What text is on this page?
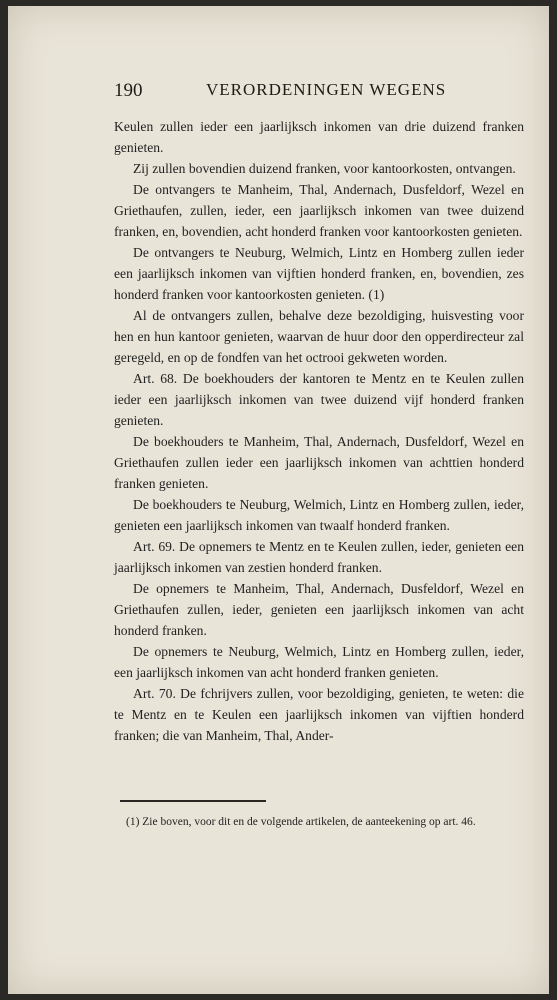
190	VERORDENINGEN WEGENS

Keulen zullen ieder een jaarlijksch inkomen van drie duizend franken genieten.

Zij zullen bovendien duizend franken, voor kantoorkosten, ontvangen.

De ontvangers te Manheim, Thal, Andernach, Dusfeldorf, Wezel en Griethaufen, zullen, ieder, een jaarlijksch inkomen van twee duizend franken, en, bovendien, acht honderd franken voor kantoorkosten genieten.

De ontvangers te Neuburg, Welmich, Lintz en Homberg zullen ieder een jaarlijksch inkomen van vijftien honderd franken, en, bovendien, zes honderd franken voor kantoorkosten genieten. (1)

Al de ontvangers zullen, behalve deze bezoldiging, huisvesting voor hen en hun kantoor genieten, waarvan de huur door den opperdirecteur zal geregeld, en op de fondfen van het octrooi gekweten worden.

Art. 68. De boekhouders der kantoren te Mentz en te Keulen zullen ieder een jaarlijksch inkomen van twee duizend vijf honderd franken genieten.

De boekhouders te Manheim, Thal, Andernach, Dusfeldorf, Wezel en Griethaufen zullen ieder een jaarlijksch inkomen van achttien honderd franken genieten.

De boekhouders te Neuburg, Welmich, Lintz en Homberg zullen, ieder, genieten een jaarlijksch inkomen van twaalf honderd franken.

Art. 69. De opnemers te Mentz en te Keulen zullen, ieder, genieten een jaarlijksch inkomen van zestien honderd franken.

De opnemers te Manheim, Thal, Andernach, Dusfeldorf, Wezel en Griethaufen zullen, ieder, genieten een jaarlijksch inkomen van acht honderd franken.

De opnemers te Neuburg, Welmich, Lintz en Homberg zullen, ieder, een jaarlijksch inkomen van acht honderd franken genieten.

Art. 70. De fchrijvers zullen, voor bezoldiging, genieten, te weten: die te Mentz en te Keulen een jaarlijksch inkomen van vijftien honderd franken; die van Manheim, Thal, Ander-

(1) Zie boven, voor dit en de volgende artikelen, de aanteekening op art. 46.
